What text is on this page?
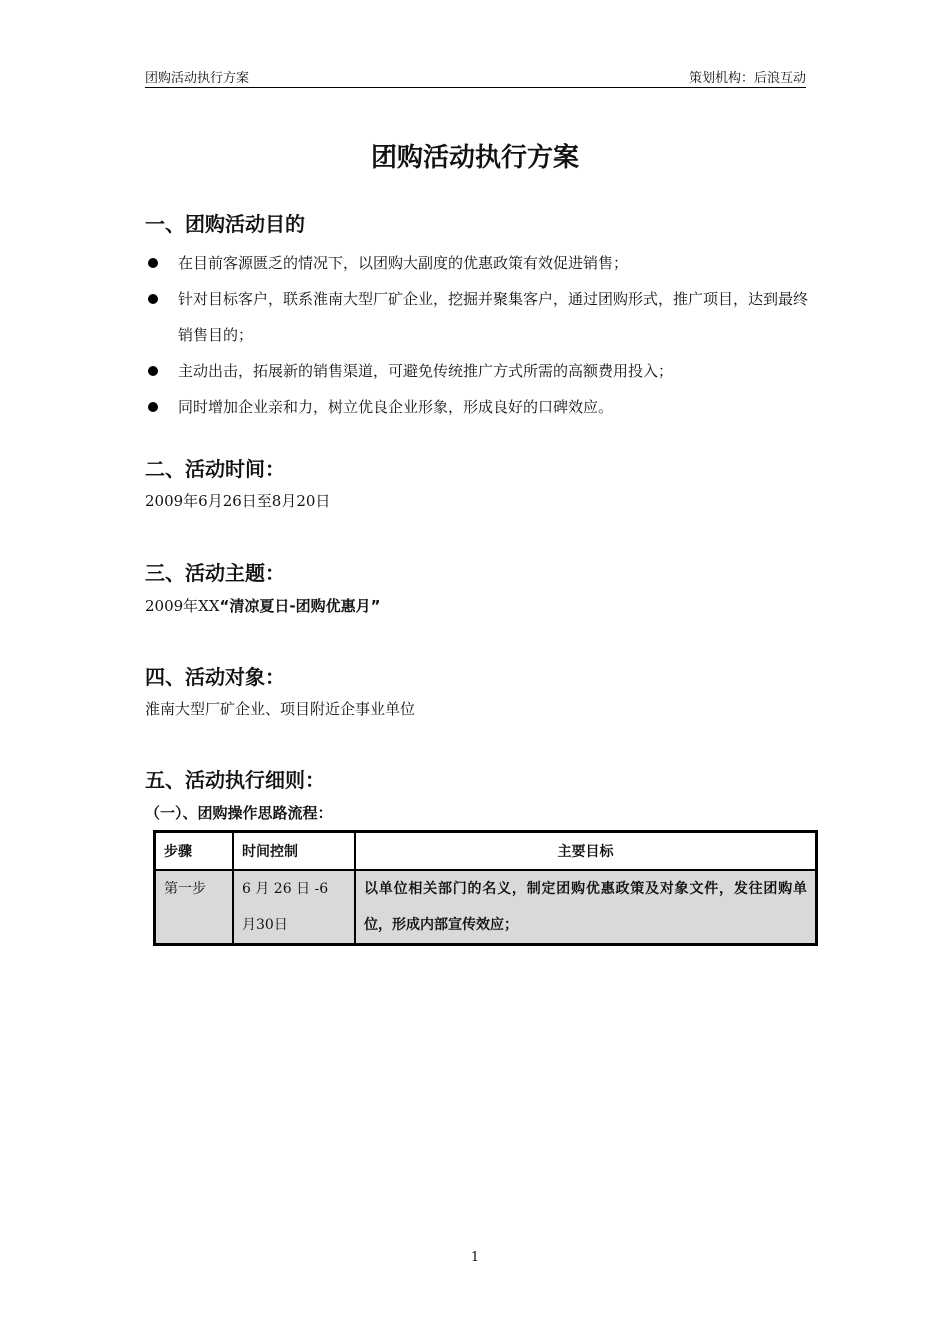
团购活动执行方案	策划机构：后浪互动
团购活动执行方案
一、团购活动目的
在目前客源匮乏的情况下，以团购大副度的优惠政策有效促进销售；
针对目标客户，联系淮南大型厂矿企业，挖掘并聚集客户，通过团购形式，推广项目，达到最终销售目的；
主动出击，拓展新的销售渠道，可避免传统推广方式所需的高额费用投入；
同时增加企业亲和力，树立优良企业形象，形成良好的口碑效应。
二、活动时间：
2009年6月26日至8月20日
三、活动主题：
2009年XX“清凉夏日-团购优惠月”
四、活动对象：
淮南大型厂矿企业、项目附近企事业单位
五、活动执行细则：
（一）、团购操作思路流程：
步骤	时间控制	主要目标
第一步	6 月 26 日 -6 月30日	以单位相关部门的名义，制定团购优惠政策及对象文件，发往团购单位，形成内部宣传效应；
1
